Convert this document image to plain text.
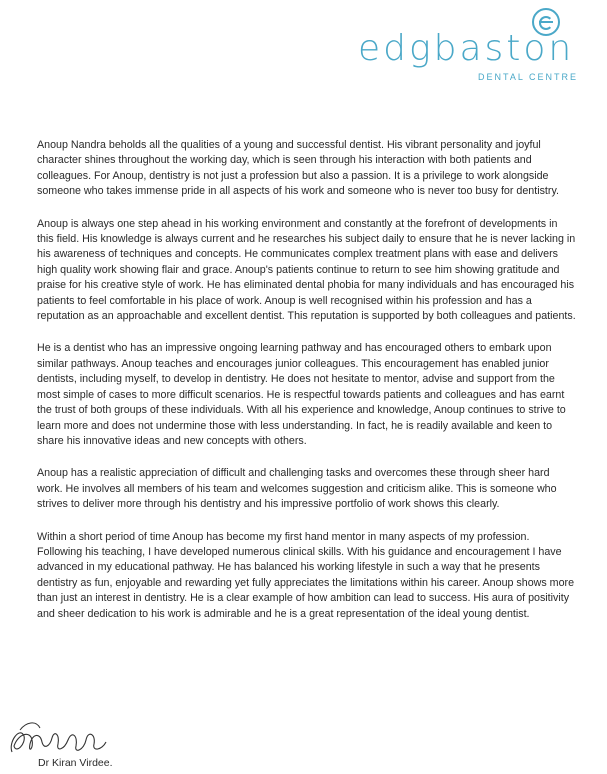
edgbaston
DENTAL CENTRE

Anoup Nandra beholds all the qualities of a young and successful dentist. His vibrant personality and joyful character shines throughout the working day, which is seen through his interaction with both patients and colleagues. For Anoup, dentistry is not just a profession but also a passion. It is a privilege to work alongside someone who takes immense pride in all aspects of his work and someone who is never too busy for dentistry.

Anoup is always one step ahead in his working environment and constantly at the forefront of developments in this field. His knowledge is always current and he researches his subject daily to ensure that he is never lacking in his awareness of techniques and concepts. He communicates complex treatment plans with ease and delivers high quality work showing flair and grace. Anoup's patients continue to return to see him showing gratitude and praise for his creative style of work. He has eliminated dental phobia for many individuals and has encouraged his patients to feel comfortable in his place of work. Anoup is well recognised within his profession and has a reputation as an approachable and excellent dentist. This reputation is supported by both colleagues and patients.

He is a dentist who has an impressive ongoing learning pathway and has encouraged others to embark upon similar pathways. Anoup teaches and encourages junior colleagues. This encouragement has enabled junior dentists, including myself, to develop in dentistry. He does not hesitate to mentor, advise and support from the most simple of cases to more difficult scenarios. He is respectful towards patients and colleagues and has earnt the trust of both groups of these individuals. With all his experience and knowledge, Anoup continues to strive to learn more and does not undermine those with less understanding. In fact, he is readily available and keen to share his innovative ideas and new concepts with others.

Anoup has a realistic appreciation of difficult and challenging tasks and overcomes these through sheer hard work. He involves all members of his team and welcomes suggestion and criticism alike. This is someone who strives to deliver more through his dentistry and his impressive portfolio of work shows this clearly.

Within a short period of time Anoup has become my first hand mentor in many aspects of my profession. Following his teaching, I have developed numerous clinical skills. With his guidance and encouragement I have advanced in my educational pathway. He has balanced his working lifestyle in such a way that he presents dentistry as fun, enjoyable and rewarding yet fully appreciates the limitations within his career. Anoup shows more than just an interest in dentistry. He is a clear example of how ambition can lead to success. His aura of positivity and sheer dedication to his work is admirable and he is a great representation of the ideal young dentist.

Dr Kiran Virdee.
